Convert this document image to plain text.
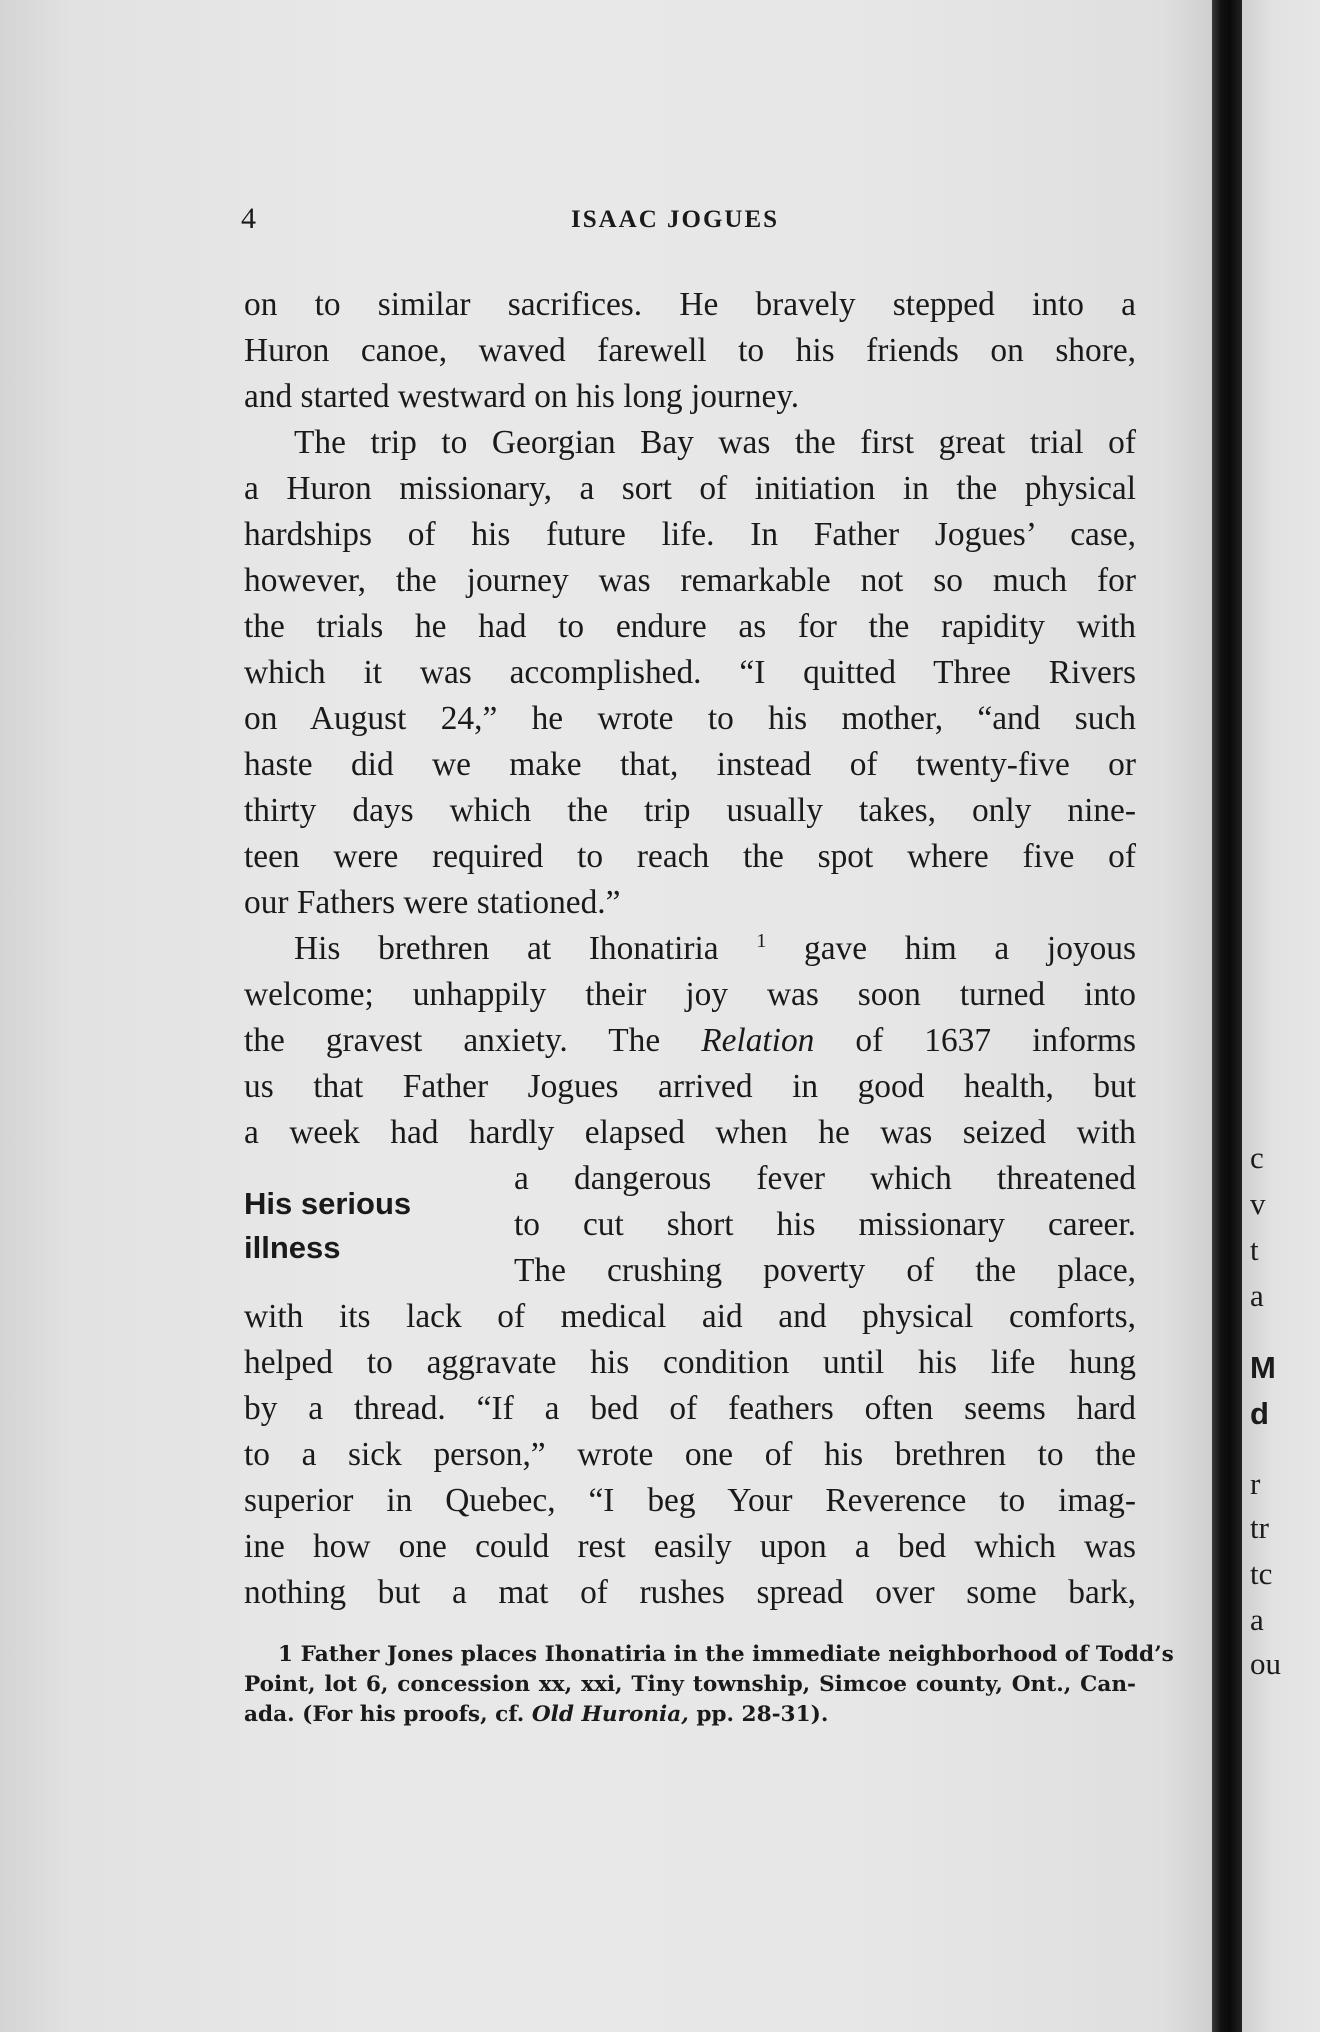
4	ISAAC JOGUES
on to similar sacrifices. He bravely stepped into a
Huron canoe, waved farewell to his friends on shore,
and started westward on his long journey.
The trip to Georgian Bay was the first great trial of
a Huron missionary, a sort of initiation in the physical
hardships of his future life. In Father Jogues’ case,
however, the journey was remarkable not so much for
the trials he had to endure as for the rapidity with
which it was accomplished. “I quitted Three Rivers
on August 24,” he wrote to his mother, “and such
haste did we make that, instead of twenty-five or
thirty days which the trip usually takes, only nine-
teen were required to reach the spot where five of
our Fathers were stationed.”
His brethren at Ihonatiria $^1$ gave him a joyous
welcome; unhappily their joy was soon turned into
the gravest anxiety. The Relation of 1637 informs
us that Father Jogues arrived in good health, but
a week had hardly elapsed when he was seized with
a dangerous fever which threatened
to cut short his missionary career.
The crushing poverty of the place,
with its lack of medical aid and physical comforts,
helped to aggravate his condition until his life hung
by a thread. “If a bed of feathers often seems hard
to a sick person,” wrote one of his brethren to the
superior in Quebec, “I beg Your Reverence to imag-
ine how one could rest easily upon a bed which was
nothing but a mat of rushes spread over some bark,
His serious
illness
1 Father Jones places Ihonatiria in the immediate neighborhood of Todd’s
Point, lot 6, concession xx, xxi, Tiny township, Simcoe county, Ont., Can-
ada. (For his proofs, cf. Old Huronia, pp. 28-31).
c
v
t
a
M
d
r
tr
tc
a
ou
